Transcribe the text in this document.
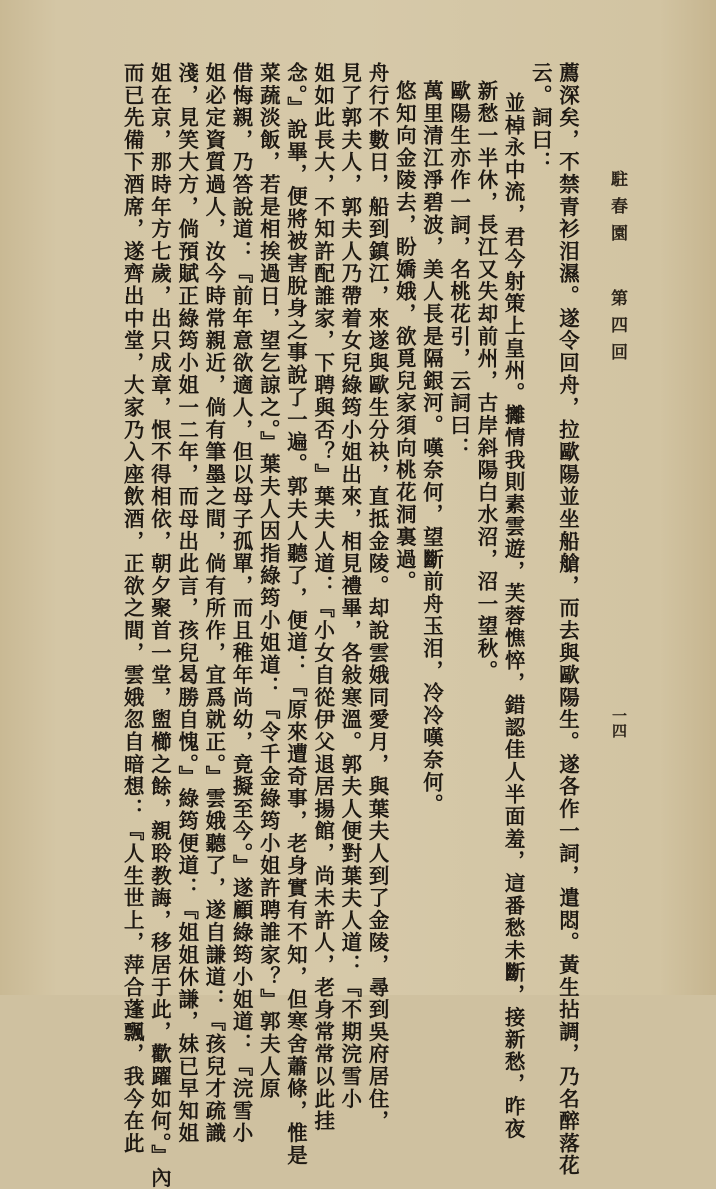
駐春園 第四回
一四
薦深矣，不禁青衫泪濕。遂令回舟，拉歐陽並坐船艙，而去與歐陽生。遂各作一詞，遣悶。黃生拈調，乃名醉落花
云。詞曰：
並棹永中流，君今射策上皇州。攡情我則素雲遊，芙蓉憔悴，錯認佳人半面羞，這番愁未斷，接新愁，昨夜
新愁一半休，長江又失却前州，古岸斜陽白水沼，沼一望秋。
歐陽生亦作一詞，名桃花引，云詞曰：
萬里清江淨碧波，美人長是隔銀河。嘆奈何，望斷前舟玉泪，冷冷嘆奈何。
悠知向金陵去，盼嬌娥，欲覓兒家須向桃花洞裏過。
舟行不數日，船到鎮江，來遂與歐生分袂，直抵金陵。却說雲娥同愛月，與葉夫人到了金陵，尋到吳府居住，
見了郭夫人，郭夫人乃帶着女兒綠筠小姐出來，相見禮畢，各敍寒溫。郭夫人便對葉夫人道：『不期浣雪小
姐如此長大，不知許配誰家，下聘與否？』葉夫人道：『小女自從伊父退居揚館，尚未許人，老身常常以此挂
念。』說畢，便將被害脫身之事說了一遍。郭夫人聽了，便道：『原來遭奇事，老身實有不知，但寒舍蕭條，惟是
菜蔬淡飯，若是相挨過日，望乞諒之。』葉夫人因指綠筠小姐道：『令千金綠筠小姐許聘誰家？』郭夫人原
借悔親，乃答說道：『前年意欲適人，但以母子孤單，而且稚年尚幼，竟擬至今。』遂顧綠筠小姐道：『浣雪小
姐必定資質過人，汝今時常親近，倘有筆墨之間，倘有所作，宜爲就正。』雲娥聽了，遂自謙道：『孩兒才疏識
淺，見笑大方，倘預賦正綠筠小姐一二年，而母出此言，孩兒曷勝自愧。』綠筠便道：『姐姐休謙，妹已早知姐
姐在京，那時年方七歲，出只成章，恨不得相依，朝夕聚首一堂，盥櫛之餘，親聆教誨，移居于此，歡躍如何。』內
而已先備下酒席，遂齊出中堂，大家乃入座飲酒，正欲之間，雲娥忽自暗想：『人生世上，萍合蓬飄，我今在此
